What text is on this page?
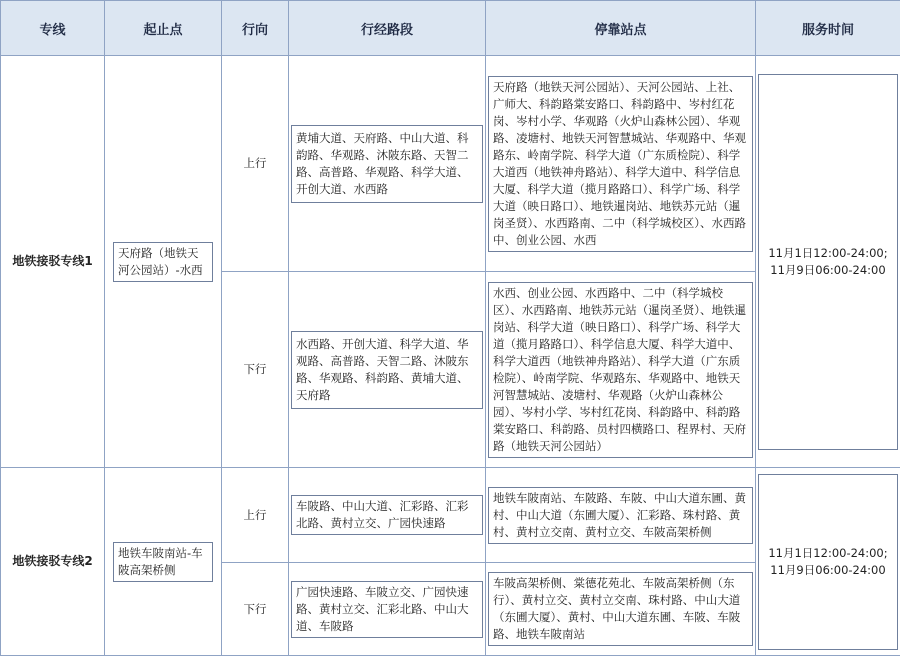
专线	起止点	行向	行经路段	停靠站点	服务时间
地铁接驳专线1	天府路（地铁天河公园站）-水西	上行	黄埔大道、天府路、中山大道、科韵路、华观路、沐陂东路、天智二路、高普路、华观路、科学大道、开创大道、水西路	天府路（地铁天河公园站）、天河公园站、上社、广师大、科韵路棠安路口、科韵路中、岑村红花岗、岑村小学、华观路（火炉山森林公园）、华观路、凌塘村、地铁天河智慧城站、华观路中、华观路东、岭南学院、科学大道（广东质检院）、科学大道西（地铁神舟路站）、科学大道中、科学信息大厦、科学大道（揽月路路口）、科学广场、科学大道（映日路口）、地铁暹岗站、地铁苏元站（暹岗圣贤）、水西路南、二中（科学城校区）、水西路中、创业公园、水西	11月1日12:00-24:00;
11月9日06:00-24:00

		下行	水西路、开创大道、科学大道、华观路、高普路、天智二路、沐陂东路、华观路、科韵路、黄埔大道、天府路	水西、创业公园、水西路中、二中（科学城校区）、水西路南、地铁苏元站（暹岗圣贤）、地铁暹岗站、科学大道（映日路口）、科学广场、科学大道（揽月路路口）、科学信息大厦、科学大道中、科学大道西（地铁神舟路站）、科学大道（广东质检院）、岭南学院、华观路东、华观路中、地铁天河智慧城站、凌塘村、华观路（火炉山森林公园）、岑村小学、岑村红花岗、科韵路中、科韵路棠安路口、科韵路、员村四横路口、程界村、天府路（地铁天河公园站）	

地铁接驳专线2	地铁车陂南站-车陂高架桥侧	上行	车陂路、中山大道、汇彩路、汇彩北路、黄村立交、广园快速路	地铁车陂南站、车陂路、车陂、中山大道东圃、黄村、中山大道（东圃大厦）、汇彩路、珠村路、黄村、黄村立交南、黄村立交、车陂高架桥侧	11月1日12:00-24:00;
11月9日06:00-24:00

		下行	广园快速路、车陂立交、广园快速路、黄村立交、汇彩北路、中山大道、车陂路	车陂高架桥侧、棠德花苑北、车陂高架桥侧（东行）、黄村立交、黄村立交南、珠村路、中山大道（东圃大厦）、黄村、中山大道东圃、车陂、车陂路、地铁车陂南站	
